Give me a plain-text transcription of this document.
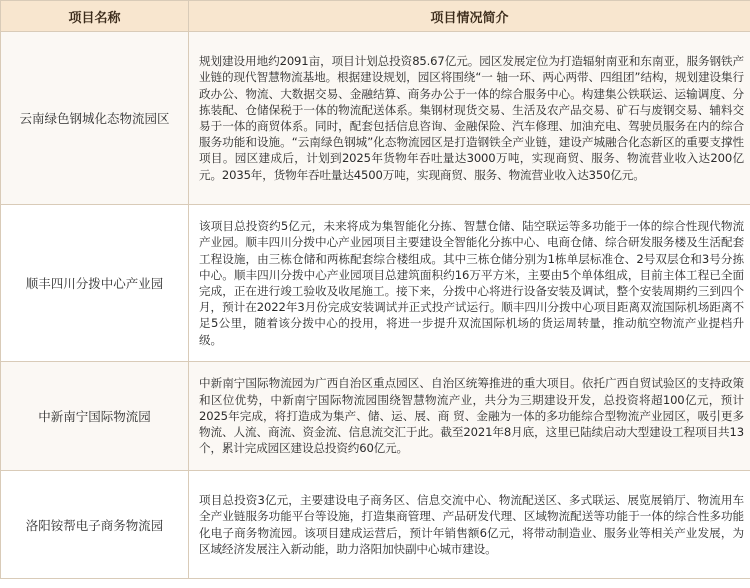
项目名称	项目情况简介
云南绿色钢城化态物流园区	规划建设用地约2091亩，项目计划总投资85.67亿元。园区发展定位为打造辐射南亚和东南亚，服务钢铁产业链的现代智慧物流基地。根据建设规划，园区将围绕“一 轴一环、两心两带、四组团”结构，规划建设集行政办公、物流、大数据交易、金融结算、商务办公于一体的综合服务中心。构建集公铁联运、运输调度、分拣装配、仓储保税于一体的物流配送体系。集钢材现货交易、生活及农产品交易、矿石与废钢交易、辅料交易于一体的商贸体系。同时，配套包括信息咨询、金融保险、汽车修理、加油充电、驾驶员服务在内的综合服务功能和设施。“云南绿色钢城”化态物流园区是打造钢铁全产业链，建设产城融合化态新区的重要支撑性项目。园区建成后，计划到2025年货物年吞吐量达3000万吨，实现商贸、服务、物流营业收入达200亿元。2035年，货物年吞吐量达4500万吨，实现商贸、服务、物流营业收入达350亿元。
顺丰四川分拨中心产业园	该项目总投资约5亿元，未来将成为集智能化分拣、智慧仓储、陆空联运等多功能于一体的综合性现代物流产业园。顺丰四川分拨中心产业园项目主要建设全智能化分拣中心、电商仓储、综合研发服务楼及生活配套工程设施，由三栋仓储和两栋配套综合楼组成。其中三栋仓储分别为1栋单层标准仓、2号双层仓和3号分拣中心。顺丰四川分拨中心产业园项目总建筑面积约16万平方米，主要由5个单体组成，目前主体工程已全面完成，正在进行竣工验收及收尾施工。接下来，分拨中心将进行设备安装及调试，整个安装周期约三到四个月，预计在2022年3月份完成安装调试并正式投产试运行。顺丰四川分拨中心项目距离双流国际机场距离不足5公里，随着该分拨中心的投用，将进一步提升双流国际机场的货运周转量，推动航空物流产业提档升级。
中新南宁国际物流园	中新南宁国际物流园为广西自治区重点园区、自治区统筹推进的重大项目。依托广西自贸试验区的支持政策和区位优势，中新南宁国际物流园围绕智慧物流产业，共分为三期建设开发，总投资将超100亿元，预计2025年完成，将打造成为集产、储、运、展、商 贸、金融为一体的多功能综合型物流产业园区，吸引更多物流、人流、商流、资金流、信息流交汇于此。截至2021年8月底，这里已陆续启动大型建设工程项目共13个，累计完成园区建设总投资约60亿元。
洛阳铵帮电子商务物流园	项目总投资3亿元，主要建设电子商务区、信息交流中心、物流配送区、多式联运、展览展销厅、物流用车全产业链服务功能平台等设施，打造集商管理、产品研发代理、区域物流配送等功能于一体的综合性多功能化电子商务物流园。该项目建成运营后，预计年销售额6亿元，将带动制造业、服务业等相关产业发展，为区域经济发展注入新动能，助力洛阳加快副中心城市建设。
